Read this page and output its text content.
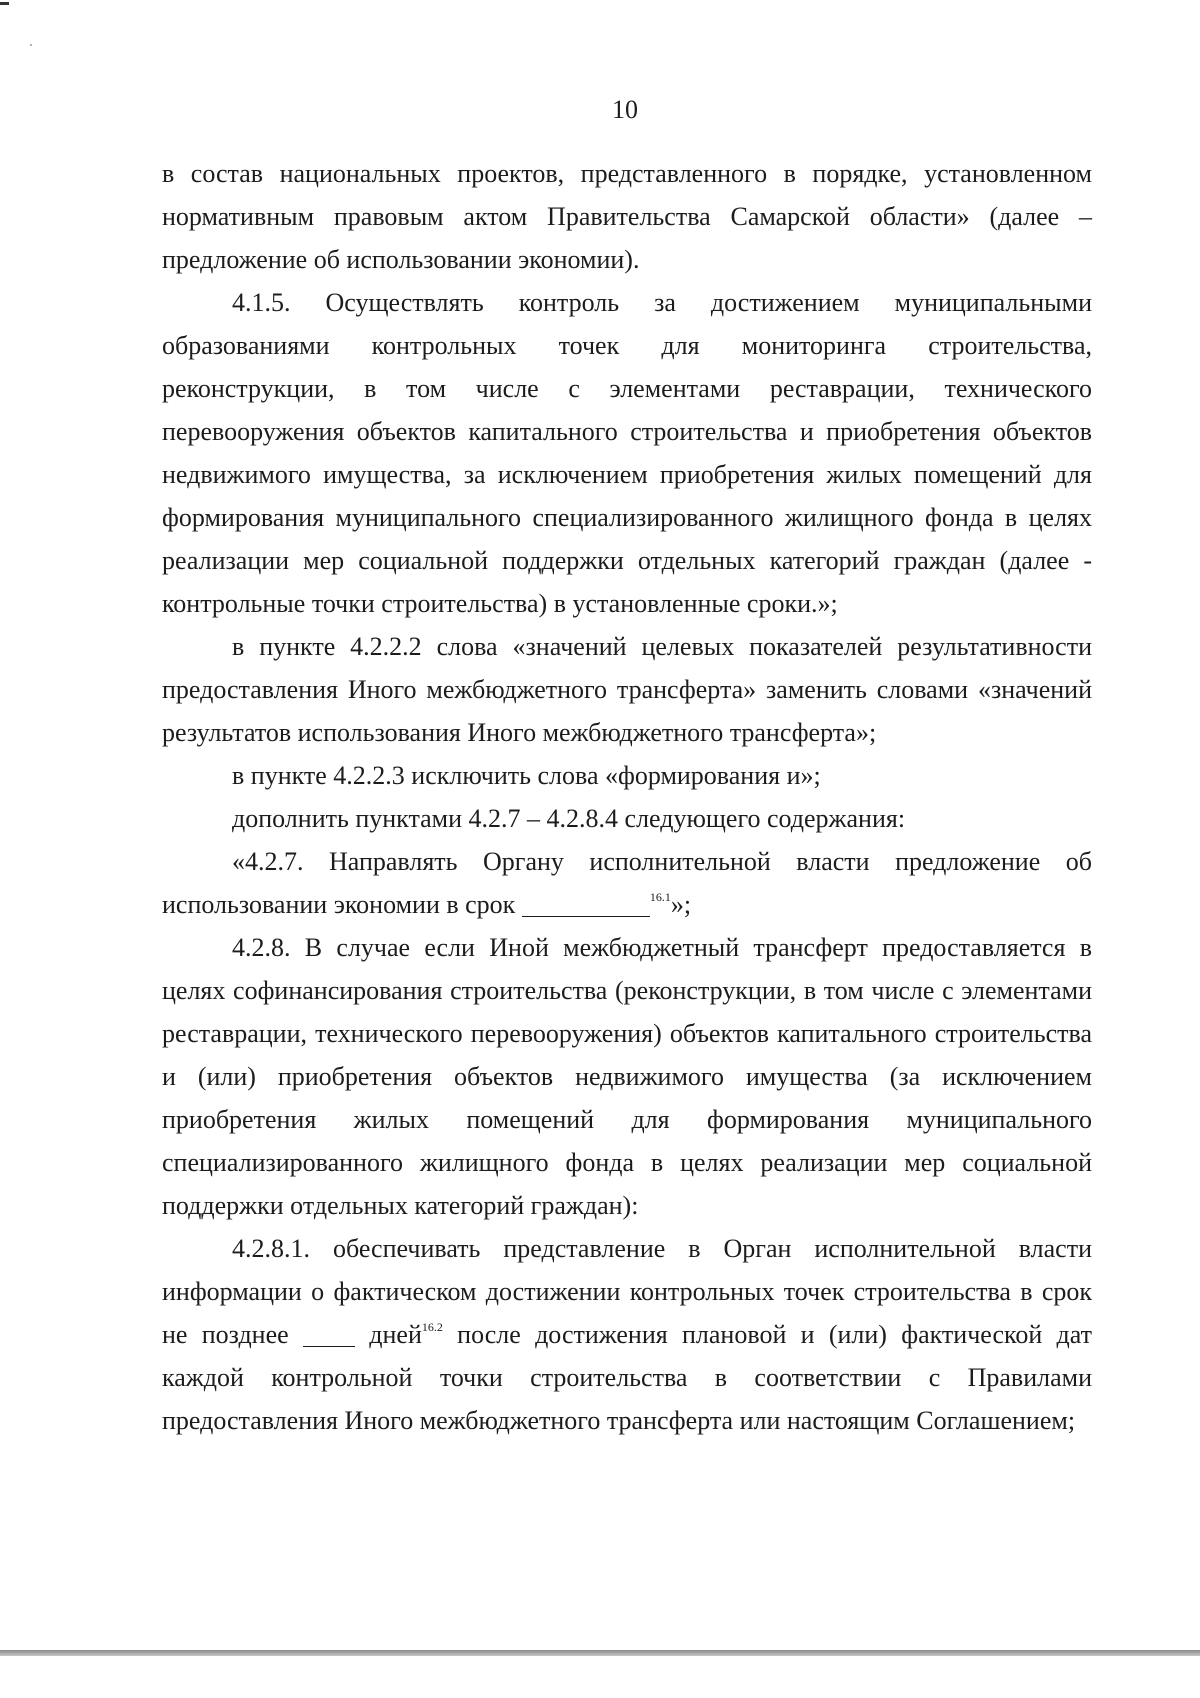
10

в состав национальных проектов, представленного в порядке, установленном нормативным правовым актом Правительства Самарской области» (далее – предложение об использовании экономии).

4.1.5. Осуществлять контроль за достижением муниципальными образованиями контрольных точек для мониторинга строительства, реконструкции, в том числе с элементами реставрации, технического перевооружения объектов капитального строительства и приобретения объектов недвижимого имущества, за исключением приобретения жилых помещений для формирования муниципального специализированного жилищного фонда в целях реализации мер социальной поддержки отдельных категорий граждан (далее - контрольные точки строительства) в установленные сроки.»;

в пункте 4.2.2.2 слова «значений целевых показателей результативности предоставления Иного межбюджетного трансферта» заменить словами «значений результатов использования Иного межбюджетного трансферта»;

в пункте 4.2.2.3 исключить слова «формирования и»;

дополнить пунктами 4.2.7 – 4.2.8.4 следующего содержания:

«4.2.7. Направлять Органу исполнительной власти предложение об использовании экономии в срок	$^{16.1}$»;

4.2.8. В случае если Иной межбюджетный трансферт предоставляется в целях софинансирования строительства (реконструкции, в том числе с элементами реставрации, технического перевооружения) объектов капитального строительства и (или) приобретения объектов недвижимого имущества (за исключением приобретения жилых помещений для формирования муниципального специализированного жилищного фонда в целях реализации мер социальной поддержки отдельных категорий граждан):

4.2.8.1. обеспечивать представление в Орган исполнительной власти информации о фактическом достижении контрольных точек строительства в срок не позднее  дней$^{16.2}$ после достижения плановой и (или) фактической дат каждой контрольной точки строительства в соответствии с Правилами предоставления Иного межбюджетного трансферта или настоящим Соглашением;
